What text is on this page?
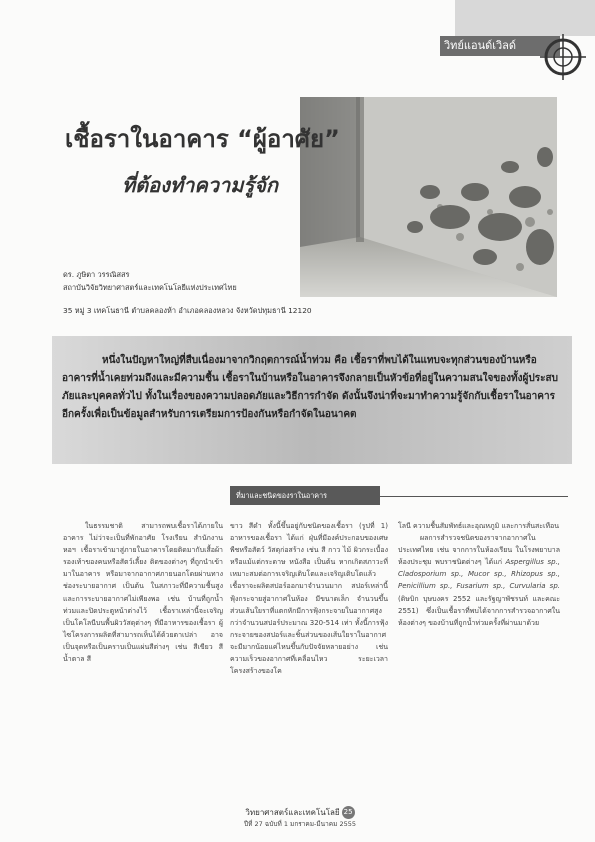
วิทย์แอนด์เวิลด์
เชื้อราในอาคาร “ผู้อาศัย”
ที่ต้องทำความรู้จัก
ดร. ภูษิตา วรรณิสสร
สถาบันวิจัยวิทยาศาสตร์และเทคโนโลยีแห่งประเทศไทย
35 หมู่ 3 เทคโนธานี ตำบลคลองห้า อำเภอคลองหลวง จังหวัดปทุมธานี 12120

หนึ่งในปัญหาใหญ่ที่สืบเนื่องมาจากวิกฤตการณ์น้ำท่วม คือ เชื้อราที่พบได้ในแทบจะทุกส่วนของบ้านหรืออาคารที่น้ำเคยท่วมถึงและมีความชื้น เชื้อราในบ้านหรือในอาคารจึงกลายเป็นหัวข้อที่อยู่ในความสนใจของทั้งผู้ประสบภัยและบุคคลทั่วไป ทั้งในเรื่องของความปลอดภัยและวิธีการกำจัด ดังนั้นจึงน่าที่จะมาทำความรู้จักกับเชื้อราในอาคาร อีกครั้งเพื่อเป็นข้อมูลสำหรับการเตรียมการป้องกันหรือกำจัดในอนาคต

ที่มาและชนิดของราในอาคาร

ในธรรมชาติ สามารถพบเชื้อราได้ภายในอาคาร ไม่ว่าจะเป็นที่พักอาศัย โรงเรียน สำนักงาน หอฯ เชื้อราเข้ามาสู่ภายในอาคารโดยติดมากับเสื้อผ้า รองเท้าของคนหรือสัตว์เลี้ยง ติดของต่างๆ ที่ถูกนำเข้ามาในอาคาร หรือมาจากอากาศภายนอกโดยผ่านทางช่องระบายอากาศ เป็นต้น ในสภาวะที่มีความชื้นสูงและการระบายอากาศไม่เพียงพอ เช่น บ้านที่ถูกน้ำท่วมและปิดประตูหน้าต่างไว้ เชื้อราเหล่านี้จะเจริญเป็นโคโลนีบนพื้นผิววัสดุต่างๆ ที่มีอาหารของเชื้อรา ผู้ไซโครงการผลิตที่สามารถเห็นได้ด้วยตาเปล่า อาจเป็นจุดหรือเป็นคราบเป็นแผ่นสีต่างๆ เช่น สีเขียว สีน้ำตาล สี

ขาว สีดำ ทั้งนี้ขึ้นอยู่กับชนิดของเชื้อรา (รูปที่ 1) อาหารของเชื้อรา ได้แก่ ฝุ่นที่มีองค์ประกอบของเศษพืชหรือสัตว์ วัสดุก่อสร้าง เช่น สี กาว ไม้ ผิวกระเบื้อง หรือแม้แต่กระดาษ หนังสือ เป็นต้น หากเกิดสภาวะที่เหมาะสมต่อการเจริญเติบโตและเจริญเติบโตแล้ว เชื้อราจะผลิตสปอร์ออกมาจำนวนมาก สปอร์เหล่านี้ฟุ้งกระจายสู่อากาศในห้อง มีขนาดเล็ก จำนวนขึ้นส่วนเส้นใยราที่แตกหักมีการฟุ้งกระจายในอากาศสูงกว่าจำนวนสปอร์ประมาณ 320-514 เท่า ทั้งนี้การฟุ้งกระจายของสปอร์และชิ้นส่วนของเส้นใยราในอากาศจะมีมากน้อยแค่ไหนขึ้นกับปัจจัยหลายอย่าง เช่น ความเร็วของอากาศที่เคลื่อนไหว ระยะเวลา โครงสร้างของโค

โลนี ความชื้นสัมพัทธ์และอุณหภูมิ และการสั่นสะเทือน

ผลการสำรวจชนิดของราจากอากาศในประเทศไทย เช่น จากการในห้องเรียน ในโรงพยาบาล ห้องประชุม พบราชนิดต่างๆ ได้แก่ Aspergillus sp., Cladosporium sp., Mucor sp., Rhizopus sp., Penicillium sp., Fusarium sp., Curvularia sp. (ดิษบิก บุษบงคร 2552 และรัฐญาพัชรนท์ และคณะ 2551) ซึ่งเป็นเชื้อราที่พบได้จากการสำรวจอากาศในห้องต่างๆ ของบ้านที่ถูกน้ำท่วมครั้งที่ผ่านมาด้วย

วิทยาศาสตร์และเทคโนโลยี 25
ปีที่ 27 ฉบับที่ 1 มกราคม-มีนาคม 2555
